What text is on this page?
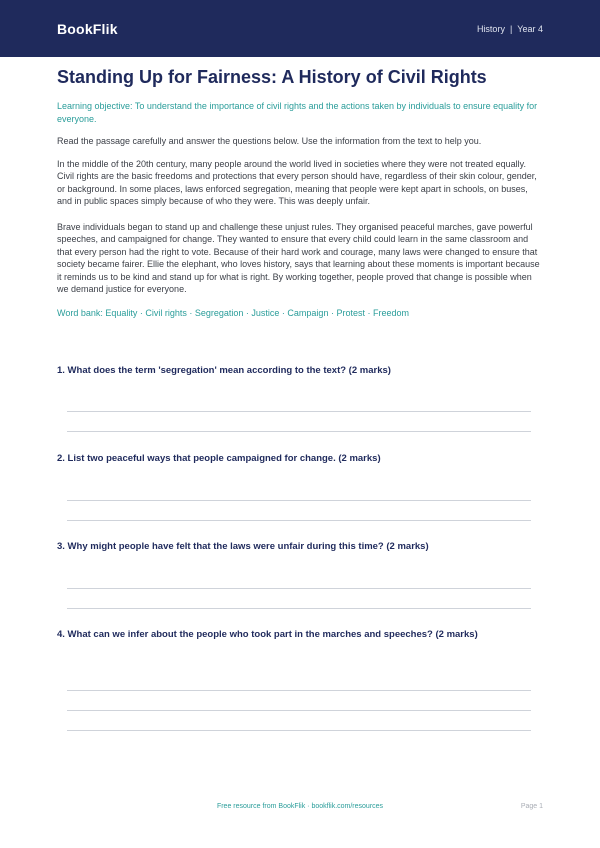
BookFlik	History | Year 4
Standing Up for Fairness: A History of Civil Rights
Learning objective: To understand the importance of civil rights and the actions taken by individuals to ensure equality for everyone.

Read the passage carefully and answer the questions below. Use the information from the text to help you.

In the middle of the 20th century, many people around the world lived in societies where they were not treated equally. Civil rights are the basic freedoms and protections that every person should have, regardless of their skin colour, gender, or background. In some places, laws enforced segregation, meaning that people were kept apart in schools, on buses, and in public spaces simply because of who they were. This was deeply unfair.

Brave individuals began to stand up and challenge these unjust rules. They organised peaceful marches, gave powerful speeches, and campaigned for change. They wanted to ensure that every child could learn in the same classroom and that every person had the right to vote. Because of their hard work and courage, many laws were changed to ensure that society became fairer. Ellie the elephant, who loves history, says that learning about these moments is important because it reminds us to be kind and stand up for what is right. By working together, people proved that change is possible when we demand justice for everyone.

Word bank: Equality · Civil rights · Segregation · Justice · Campaign · Protest · Freedom

1. What does the term 'segregation' mean according to the text? (2 marks)

2. List two peaceful ways that people campaigned for change. (2 marks)

3. Why might people have felt that the laws were unfair during this time? (2 marks)

4. What can we infer about the people who took part in the marches and speeches? (2 marks)

Free resource from BookFlik · bookflik.com/resources	Page 1
